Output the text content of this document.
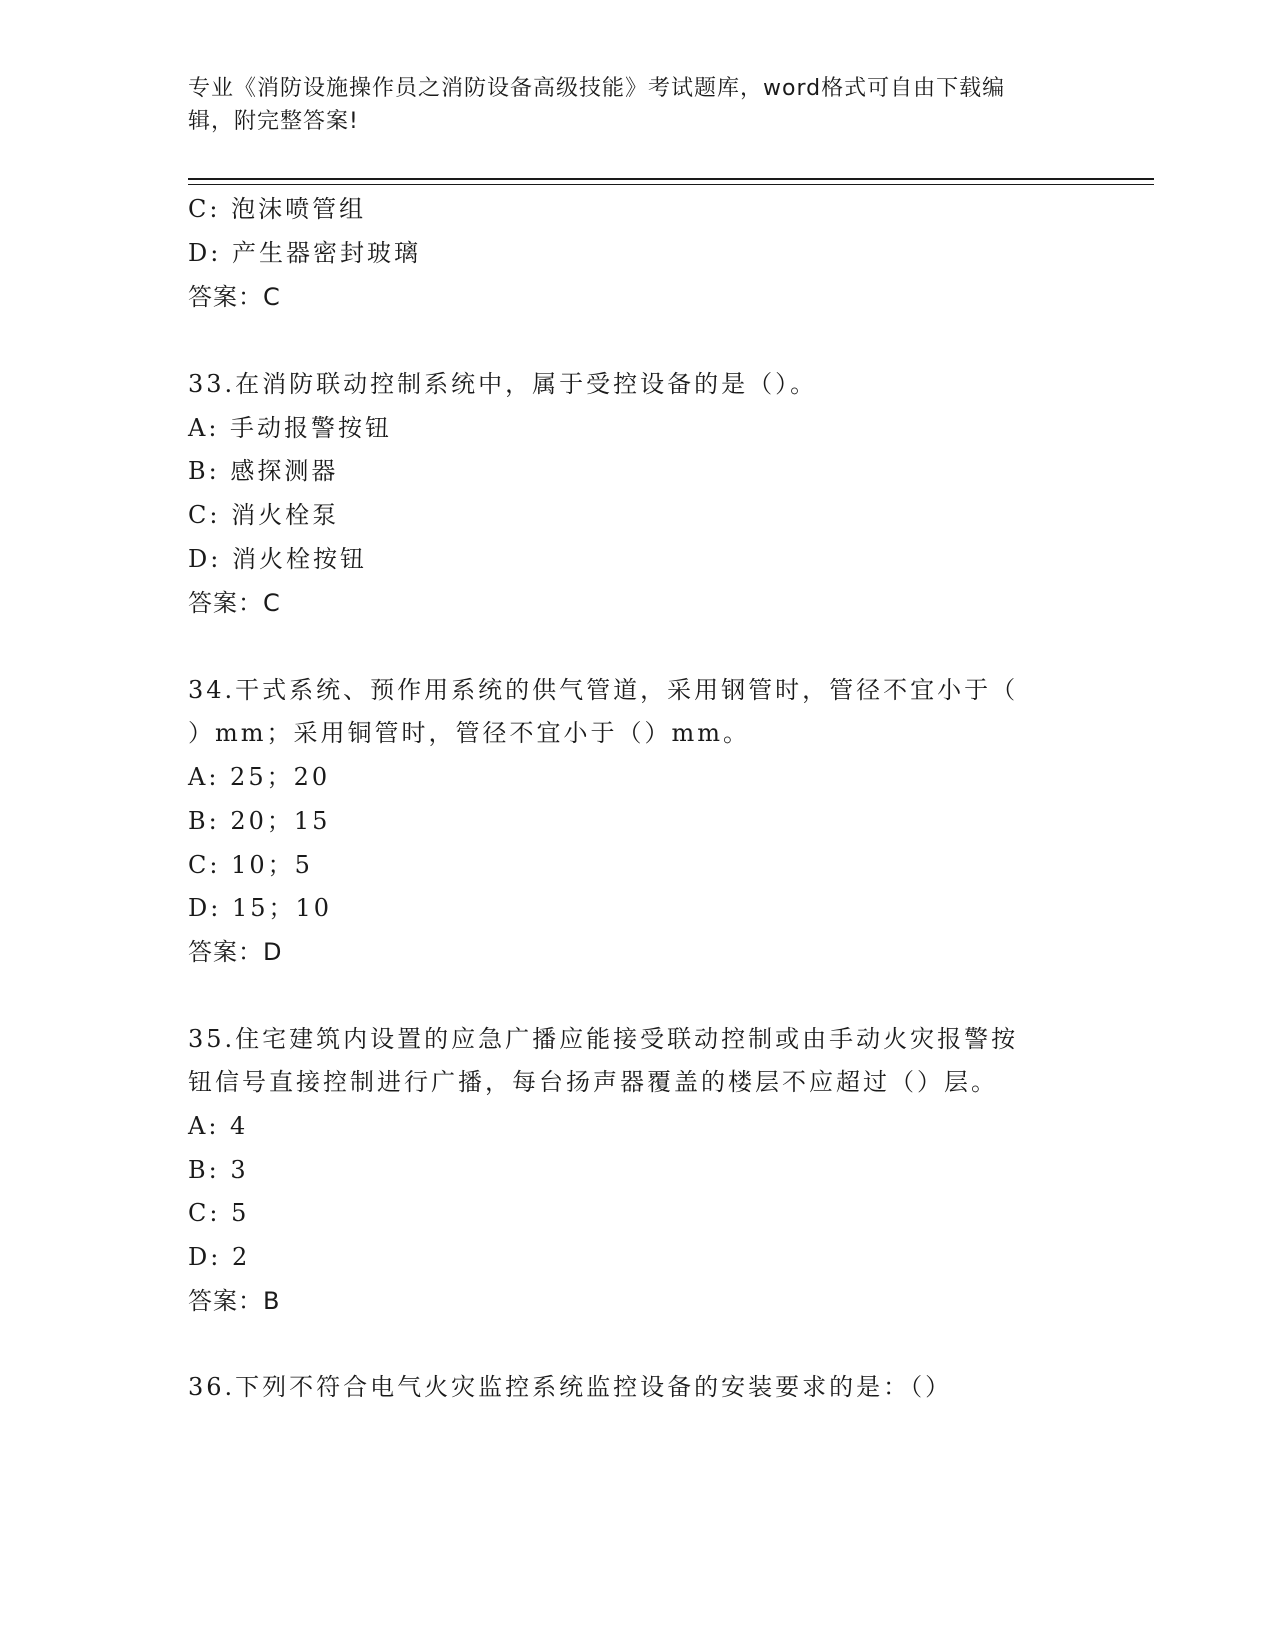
专业《消防设施操作员之消防设备高级技能》考试题库，word格式可自由下载编
辑，附完整答案!
C: 泡沫喷管组
D: 产生器密封玻璃
答案：C
33.在消防联动控制系统中，属于受控设备的是（）。
A: 手动报警按钮
B: 感探测器
C: 消火栓泵
D: 消火栓按钮
答案：C
34.干式系统、预作用系统的供气管道，采用钢管时，管径不宜小于（
）mm；采用铜管时，管径不宜小于（）mm。
A: 25；20
B: 20；15
C: 10；5
D: 15；10
答案：D
35.住宅建筑内设置的应急广播应能接受联动控制或由手动火灾报警按
钮信号直接控制进行广播，每台扬声器覆盖的楼层不应超过（）层。
A: 4
B: 3
C: 5
D: 2
答案：B
36.下列不符合电气火灾监控系统监控设备的安装要求的是：（）
